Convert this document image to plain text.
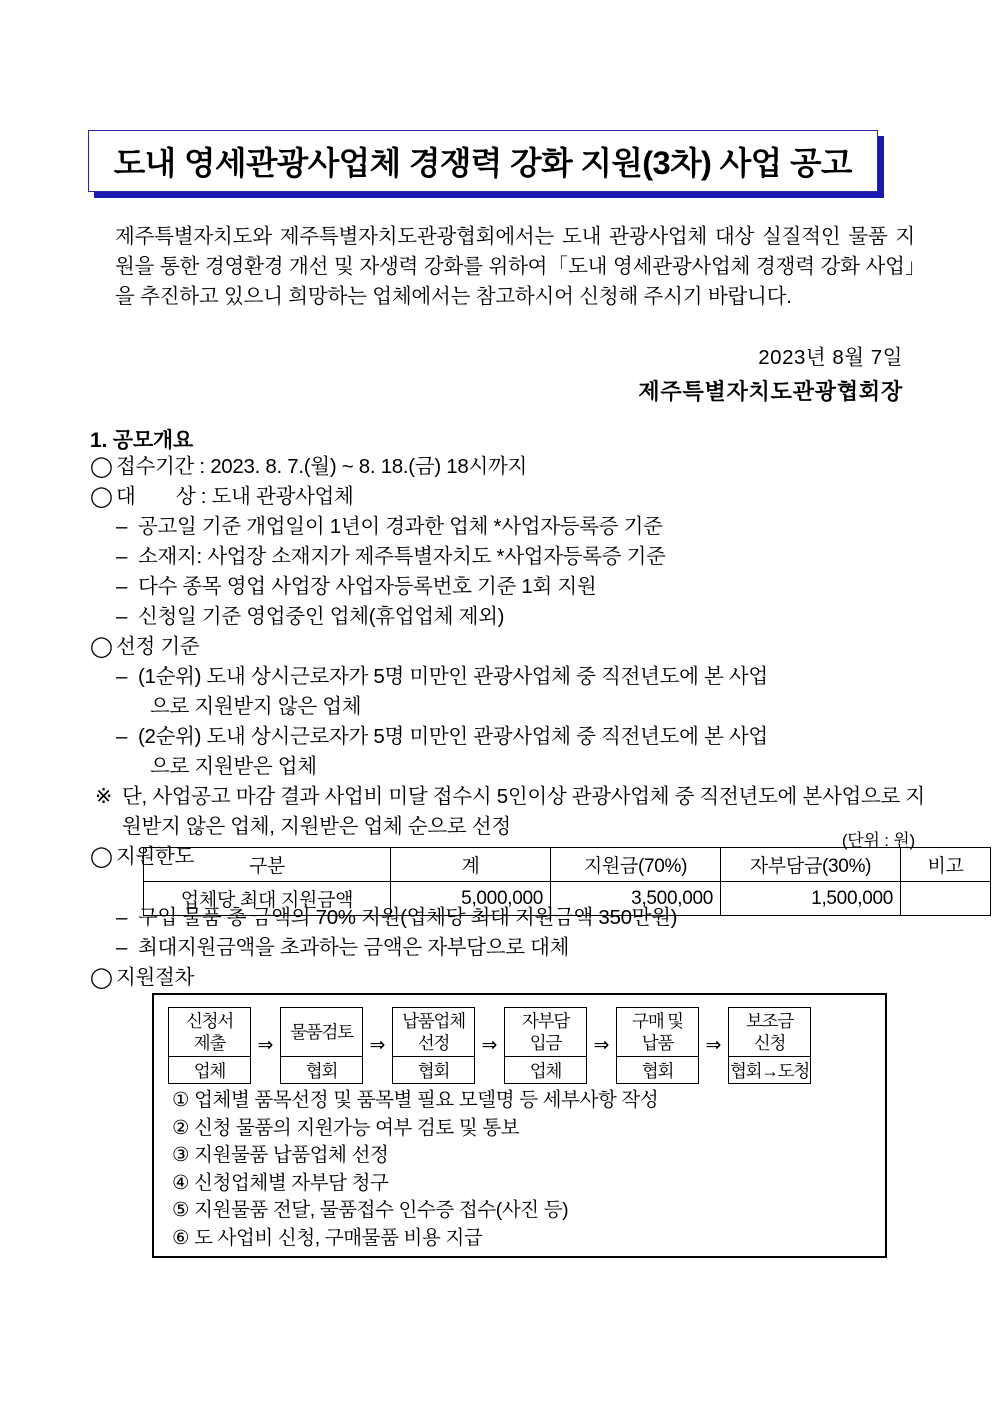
도내 영세관광사업체 경쟁력 강화 지원(3차) 사업 공고

제주특별자치도와 제주특별자치도관광협회에서는 도내 관광사업체 대상 실질적인 물품 지원을 통한 경영환경 개선 및 자생력 강화를 위하여「도내 영세관광사업체 경쟁력 강화 사업」을 추진하고 있으니 희망하는 업체에서는 참고하시어 신청해 주시기 바랍니다.

2023년 8월 7일
제주특별자치도관광협회장
1. 공모개요
◯ 접수기간 : 2023. 8. 7.(월) ~ 8. 18.(금) 18시까지
◯ 대　　상 : 도내 관광사업체
– 공고일 기준 개업일이 1년이 경과한 업체 *사업자등록증 기준
– 소재지: 사업장 소재지가 제주특별자치도 *사업자등록증 기준
– 다수 종목 영업 사업장 사업자등록번호 기준 1회 지원
– 신청일 기준 영업중인 업체(휴업업체 제외)
◯ 선정 기준
– (1순위) 도내 상시근로자가 5명 미만인 관광사업체 중 직전년도에 본 사업
으로 지원받지 않은 업체
– (2순위) 도내 상시근로자가 5명 미만인 관광사업체 중 직전년도에 본 사업
으로 지원받은 업체
※ 단, 사업공고 마감 결과 사업비 미달 접수시 5인이상 관광사업체 중 직전년도에 본사업으로 지원받지 않은 업체, 지원받은 업체 순으로 선정
◯ 지원한도
(단위 : 원)
구분	계	지원금(70%)	자부담금(30%)	비고
업체당 최대 지원금액	5,000,000	3,500,000	1,500,000	
– 구입 물품 총 금액의 70% 지원(업체당 최대 지원금액 350만원)
– 최대지원금액을 초과하는 금액은 자부담으로 대체
◯ 지원절차
신청서
제출
업체
⇒
물품검토
협회
⇒
납품업체
선정
협회
⇒
자부담
입금
업체
⇒
구매 및
납품
협회
⇒
보조금
신청
협회→도청
① 업체별 품목선정 및 품목별 필요 모델명 등 세부사항 작성
② 신청 물품의 지원가능 여부 검토 및 통보
③ 지원물품 납품업체 선정
④ 신청업체별 자부담 청구
⑤ 지원물품 전달, 물품접수 인수증 접수(사진 등)
⑥ 도 사업비 신청, 구매물품 비용 지급
